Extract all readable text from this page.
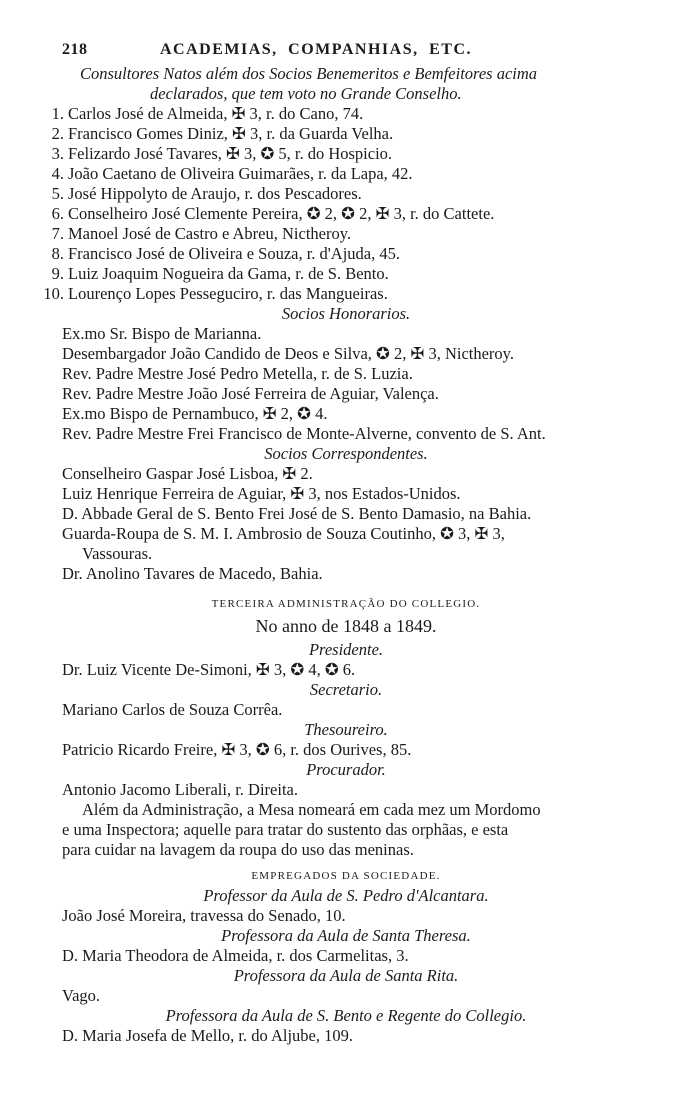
218	ACADEMIAS, COMPANHIAS, ETC.
Consultores Natos além dos Socios Benemeritos e Bemfeitores acima
declarados, que tem voto no Grande Conselho.
1. Carlos José de Almeida, ✠ 3, r. do Cano, 74.
2. Francisco Gomes Diniz, ✠ 3, r. da Guarda Velha.
3. Felizardo José Tavares, ✠ 3, ✪ 5, r. do Hospicio.
4. João Caetano de Oliveira Guimarães, r. da Lapa, 42.
5. José Hippolyto de Araujo, r. dos Pescadores.
6. Conselheiro José Clemente Pereira, ✪ 2, ✪ 2, ✠ 3, r. do Cattete.
7. Manoel José de Castro e Abreu, Nictheroy.
8. Francisco José de Oliveira e Souza, r. d'Ajuda, 45.
9. Luiz Joaquim Nogueira da Gama, r. de S. Bento.
10. Lourenço Lopes Pesseguciro, r. das Mangueiras.
Socios Honorarios.
Ex.mo Sr. Bispo de Marianna.
Desembargador João Candido de Deos e Silva, ✪ 2, ✠ 3, Nictheroy.
Rev. Padre Mestre José Pedro Metella, r. de S. Luzia.
Rev. Padre Mestre João José Ferreira de Aguiar, Valença.
Ex.mo Bispo de Pernambuco, ✠ 2, ✪ 4.
Rev. Padre Mestre Frei Francisco de Monte-Alverne, convento de S. Ant.
Socios Correspondentes.
Conselheiro Gaspar José Lisboa, ✠ 2.
Luiz Henrique Ferreira de Aguiar, ✠ 3, nos Estados-Unidos.
D. Abbade Geral de S. Bento Frei José de S. Bento Damasio, na Bahia.
Guarda-Roupa de S. M. I. Ambrosio de Souza Coutinho, ✪ 3, ✠ 3,
Vassouras.
Dr. Anolino Tavares de Macedo, Bahia.
TERCEIRA ADMINISTRAÇÃO DO COLLEGIO.
No anno de 1848 a 1849.
Presidente.
Dr. Luiz Vicente De-Simoni, ✠ 3, ✪ 4, ✪ 6.
Secretario.
Mariano Carlos de Souza Corrêa.
Thesoureiro.
Patricio Ricardo Freire, ✠ 3, ✪ 6, r. dos Ourives, 85.
Procurador.
Antonio Jacomo Liberali, r. Direita.
Além da Administração, a Mesa nomeará em cada mez um Mordomo
e uma Inspectora; aquelle para tratar do sustento das orphãas, e esta
para cuidar na lavagem da roupa do uso das meninas.
EMPREGADOS DA SOCIEDADE.
Professor da Aula de S. Pedro d'Alcantara.
João José Moreira, travessa do Senado, 10.
Professora da Aula de Santa Theresa.
D. Maria Theodora de Almeida, r. dos Carmelitas, 3.
Professora da Aula de Santa Rita.
Vago.
Professora da Aula de S. Bento e Regente do Collegio.
D. Maria Josefa de Mello, r. do Aljube, 109.
